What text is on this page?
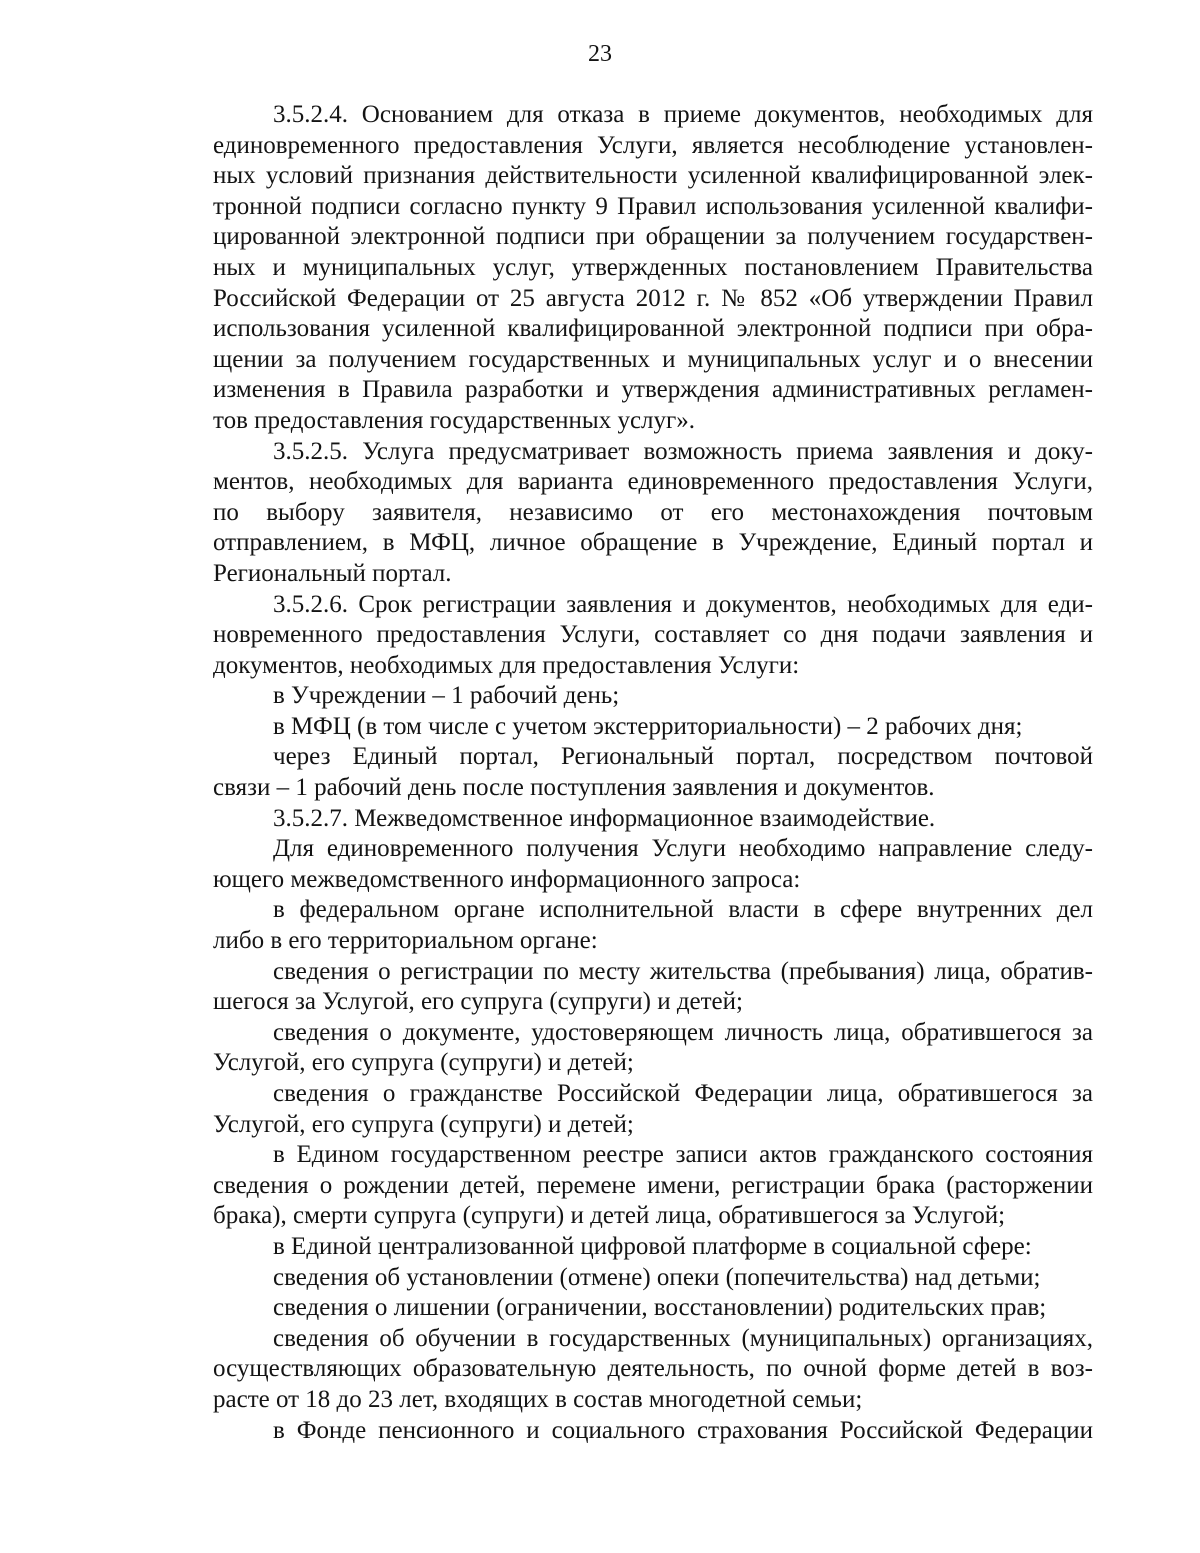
23
3.5.2.4. Основанием для отказа в приеме документов, необходимых для
единовременного предоставления Услуги, является несоблюдение установлен-
ных условий признания действительности усиленной квалифицированной элек-
тронной подписи согласно пункту 9 Правил использования усиленной квалифи-
цированной электронной подписи при обращении за получением государствен-
ных и муниципальных услуг, утвержденных постановлением Правительства
Российской Федерации от 25 августа 2012 г. № 852 «Об утверждении Правил
использования усиленной квалифицированной электронной подписи при обра-
щении за получением государственных и муниципальных услуг и о внесении
изменения в Правила разработки и утверждения административных регламен-
тов предоставления государственных услуг».
3.5.2.5. Услуга предусматривает возможность приема заявления и доку-
ментов, необходимых для варианта единовременного предоставления Услуги,
по выбору заявителя, независимо от его местонахождения почтовым
отправлением, в МФЦ, личное обращение в Учреждение, Единый портал и
Региональный портал.
3.5.2.6. Срок регистрации заявления и документов, необходимых для еди-
новременного предоставления Услуги, составляет со дня подачи заявления и
документов, необходимых для предоставления Услуги:
в Учреждении – 1 рабочий день;
в МФЦ (в том числе с учетом экстерриториальности) – 2 рабочих дня;
через Единый портал, Региональный портал, посредством почтовой
связи – 1 рабочий день после поступления заявления и документов.
3.5.2.7. Межведомственное информационное взаимодействие.
Для единовременного получения Услуги необходимо направление следу-
ющего межведомственного информационного запроса:
в федеральном органе исполнительной власти в сфере внутренних дел
либо в его территориальном органе:
сведения о регистрации по месту жительства (пребывания) лица, обратив-
шегося за Услугой, его супруга (супруги) и детей;
сведения о документе, удостоверяющем личность лица, обратившегося за
Услугой, его супруга (супруги) и детей;
сведения о гражданстве Российской Федерации лица, обратившегося за
Услугой, его супруга (супруги) и детей;
в Едином государственном реестре записи актов гражданского состояния
сведения о рождении детей, перемене имени, регистрации брака (расторжении
брака), смерти супруга (супруги) и детей лица, обратившегося за Услугой;
в Единой централизованной цифровой платформе в социальной сфере:
сведения об установлении (отмене) опеки (попечительства) над детьми;
сведения о лишении (ограничении, восстановлении) родительских прав;
сведения об обучении в государственных (муниципальных) организациях,
осуществляющих образовательную деятельность, по очной форме детей в воз-
расте от 18 до 23 лет, входящих в состав многодетной семьи;
в Фонде пенсионного и социального страхования Российской Федерации
